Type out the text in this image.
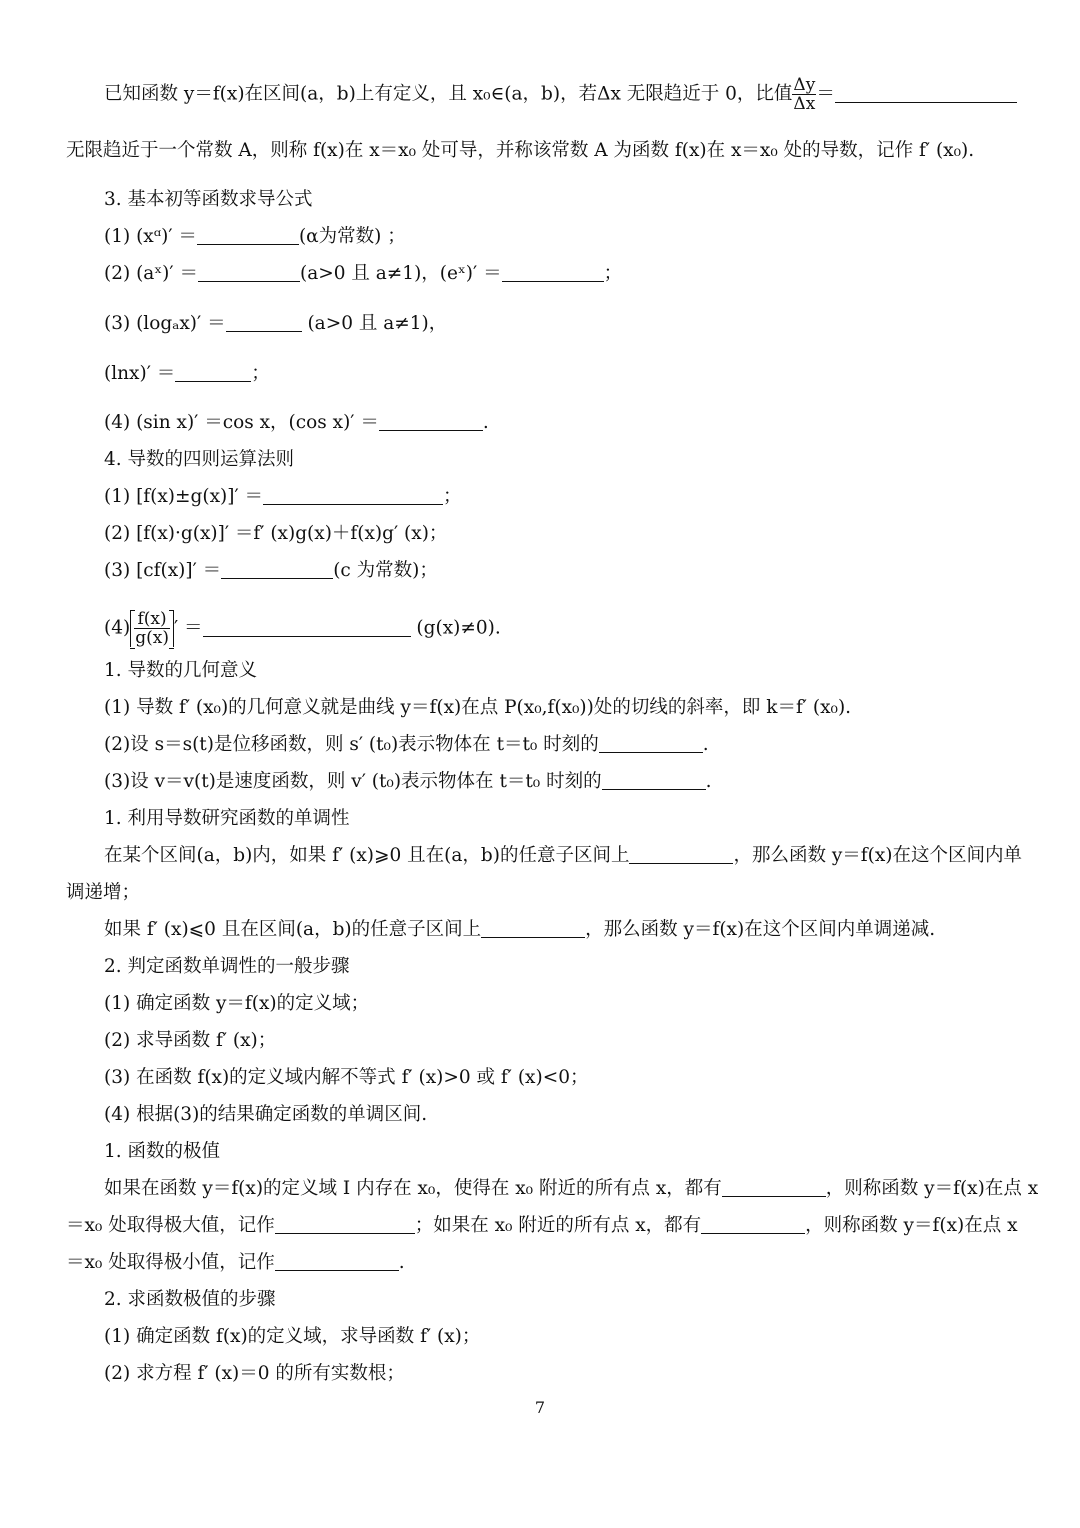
已知函数 y＝f(x)在区间(a，b)上有定义，且 x₀∈(a，b)，若Δx 无限趋近于 0，比值 $\frac{\Delta y}{\Delta x}$ ＝
无限趋近于一个常数 A，则称 f(x)在 x＝x₀ 处可导，并称该常数 A 为函数 f(x)在 x＝x₀ 处的导数，记作 f′ (x₀).
3. 基本初等函数求导公式
(1) (xᵅ)′ ＝	(α为常数) ；
(2) (aˣ)′ ＝	(a>0 且 a≠1)，(eˣ)′ ＝	；
(3) (logₐx)′ ＝	(a>0 且 a≠1)，
(lnx)′ ＝	；
(4) (sin x)′ ＝cos x，(cos x)′ ＝	.
4. 导数的四则运算法则
(1) [f(x)±g(x)]′ ＝	；
(2) [f(x)·g(x)]′ ＝f′ (x)g(x)＋f(x)g′ (x)；
(3) [cf(x)]′ ＝	(c 为常数)；
$(4) \frac{f(x)}{g(x)}$ ′ ＝	(g(x)≠0).
1. 导数的几何意义
(1) 导数 f′ (x₀)的几何意义就是曲线 y＝f(x)在点 P(x₀,f(x₀))处的切线的斜率，即 k＝f′ (x₀).
(2)设 s＝s(t)是位移函数，则 s′ (t₀)表示物体在 t＝t₀ 时刻的	.
(3)设 v＝v(t)是速度函数，则 v′ (t₀)表示物体在 t＝t₀ 时刻的	.
1. 利用导数研究函数的单调性
在某个区间(a，b)内，如果 f′ (x)⩾0 且在(a，b)的任意子区间上	，那么函数 y＝f(x)在这个区间内单
调递增；
如果 f′ (x)⩽0 且在区间(a，b)的任意子区间上	，那么函数 y＝f(x)在这个区间内单调递减.
2. 判定函数单调性的一般步骤
(1) 确定函数 y＝f(x)的定义域；
(2) 求导函数 f′ (x)；
(3) 在函数 f(x)的定义域内解不等式 f′ (x)>0 或 f′ (x)<0；
(4) 根据(3)的结果确定函数的单调区间.
1. 函数的极值
如果在函数 y＝f(x)的定义域 I 内存在 x₀，使得在 x₀ 附近的所有点 x，都有	，则称函数 y＝f(x)在点 x
＝x₀ 处取得极大值，记作	；如果在 x₀ 附近的所有点 x，都有	，则称函数 y＝f(x)在点 x
＝x₀ 处取得极小值，记作	.
2. 求函数极值的步骤
(1) 确定函数 f(x)的定义域，求导函数 f′ (x)；
(2) 求方程 f′ (x)＝0 的所有实数根；
7
